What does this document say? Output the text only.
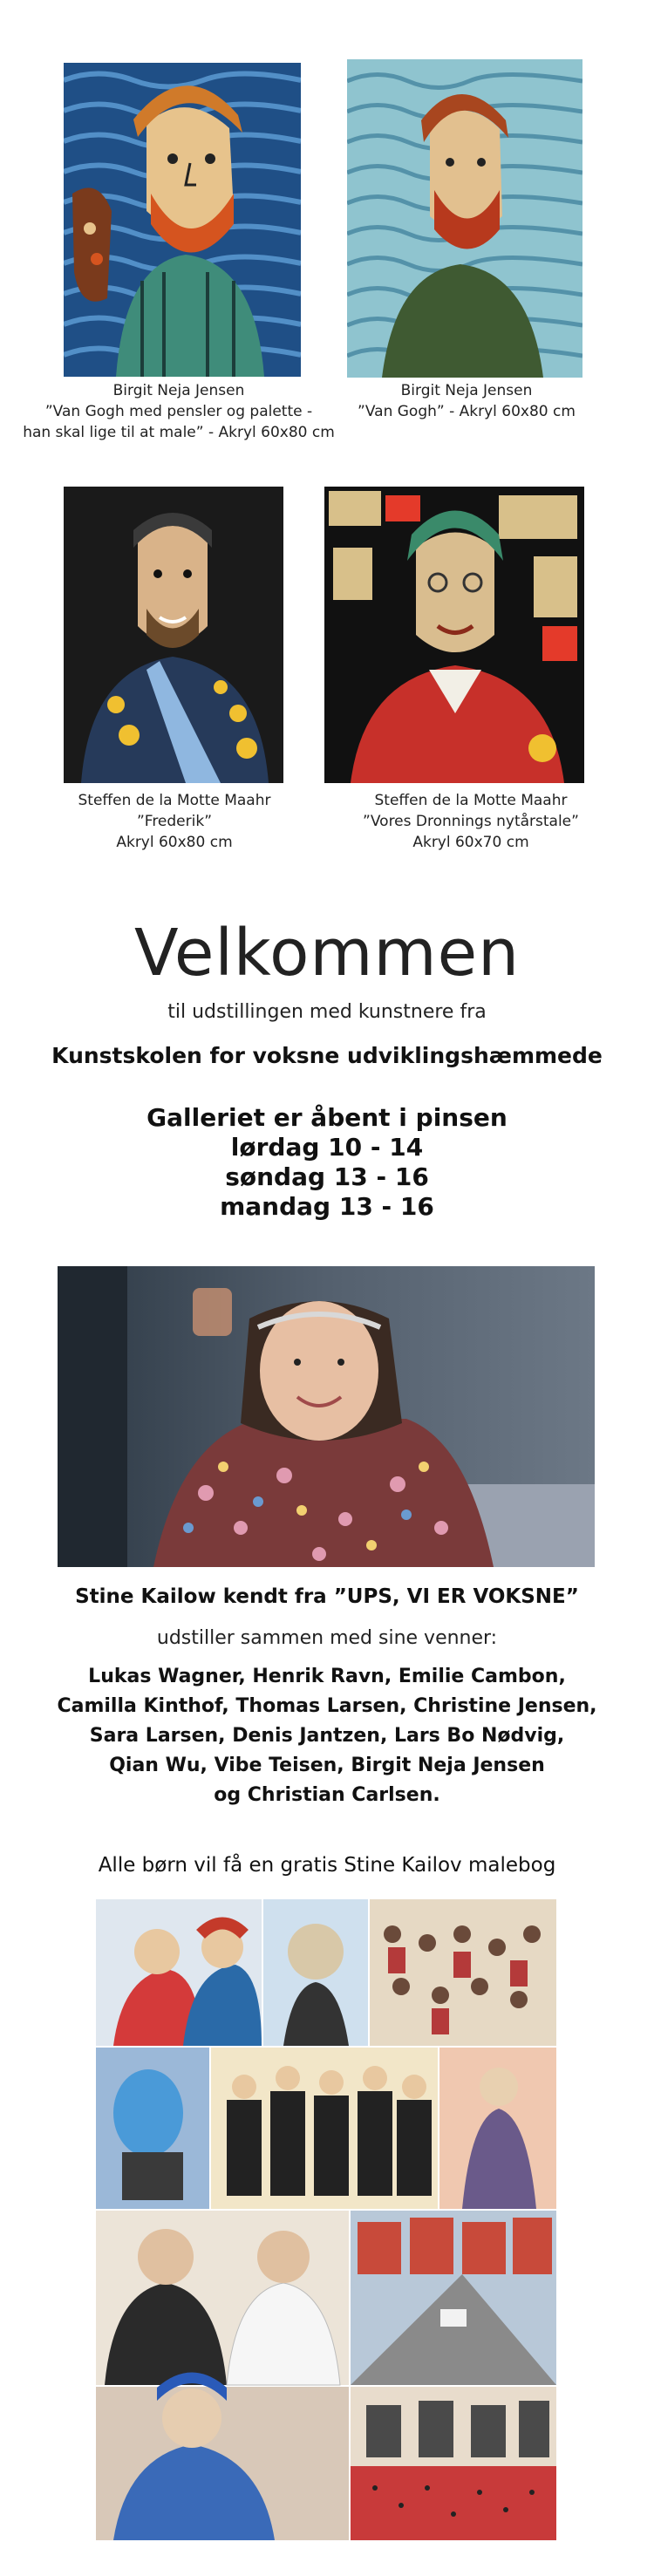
Birgit Neja Jensen
”Van Gogh med pensler og palette -
han skal lige til at male” - Akryl 60x80 cm
Birgit Neja Jensen
”Van Gogh” - Akryl 60x80 cm
Steffen de la Motte Maahr
”Frederik”
Akryl 60x80 cm
Steffen de la Motte Maahr
”Vores Dronnings nytårstale”
Akryl 60x70 cm
Velkommen
til udstillingen med kunstnere fra
Kunstskolen for voksne udviklingshæmmede
Galleriet er åbent i pinsen
lørdag 10 - 14
søndag 13 - 16
mandag 13 - 16
Stine Kailow kendt fra ”UPS, VI ER VOKSNE”
udstiller sammen med sine venner:
Lukas Wagner, Henrik Ravn, Emilie Cambon,
Camilla Kinthof, Thomas Larsen, Christine Jensen,
Sara Larsen, Denis Jantzen, Lars Bo Nødvig,
Qian Wu, Vibe Teisen, Birgit Neja Jensen
og Christian Carlsen.
Alle børn vil få en gratis Stine Kailov malebog
